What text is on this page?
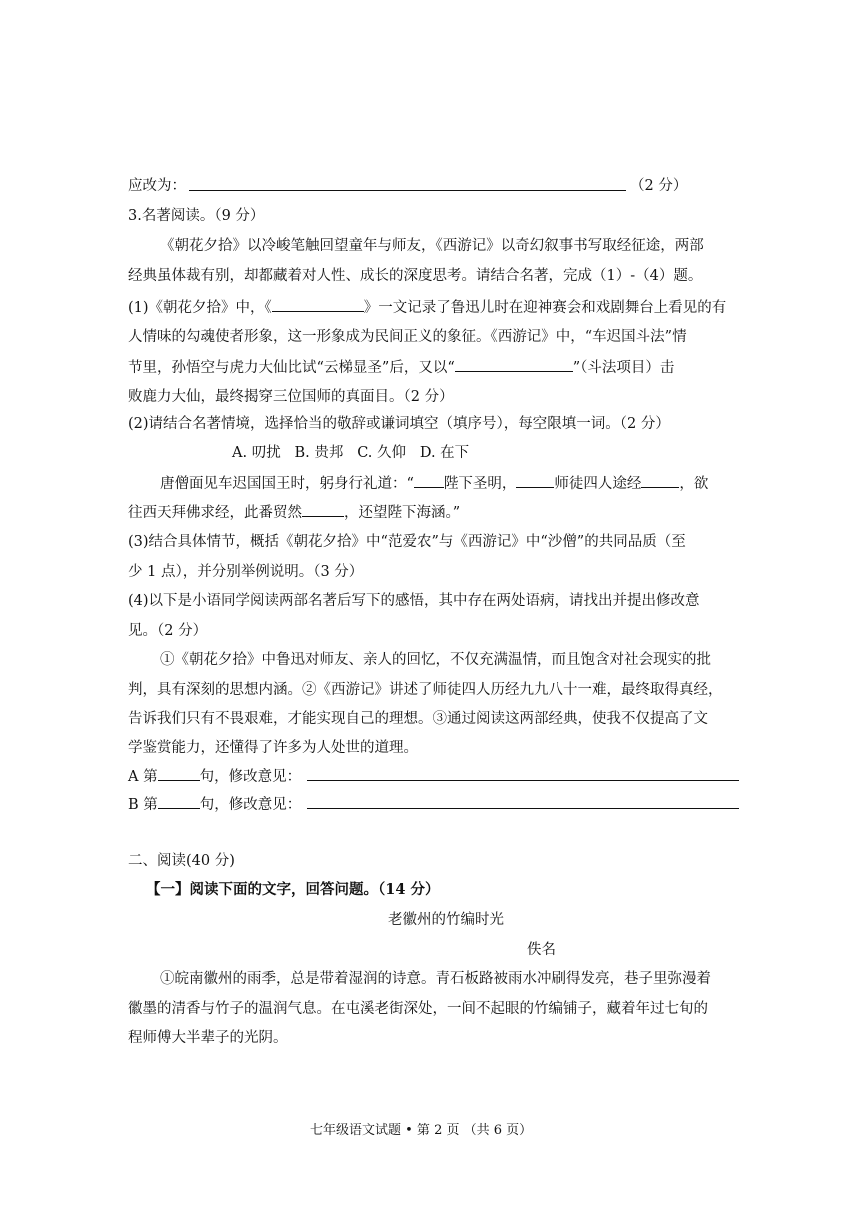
应改为：	（2 分）
3.名著阅读。（9 分）
《朝花夕拾》以冷峻笔触回望童年与师友，《西游记》以奇幻叙事书写取经征途，两部
经典虽体裁有别，却都藏着对人性、成长的深度思考。请结合名著，完成（1）-（4）题。
(1)《朝花夕拾》中，《	》一文记录了鲁迅儿时在迎神赛会和戏剧舞台上看见的有
人情味的勾魂使者形象，这一形象成为民间正义的象征。《西游记》中，“车迟国斗法”情
节里，孙悟空与虎力大仙比试“云梯显圣”后，又以“	”（斗法项目）击
败鹿力大仙，最终揭穿三位国师的真面目。（2 分）
(2)请结合名著情境，选择恰当的敬辞或谦词填空（填序号），每空限填一词。（2 分）
A. 叨扰   B. 贵邦   C. 久仰   D. 在下
唐僧面见车迟国国王时，躬身行礼道：“ 陛下圣明，	师徒四人途经	，欲
往西天拜佛求经，此番贸然	，还望陛下海涵。”
(3)结合具体情节，概括《朝花夕拾》中“范爱农”与《西游记》中“沙僧”的共同品质（至
少 1 点），并分别举例说明。（3 分）
(4)以下是小语同学阅读两部名著后写下的感悟，其中存在两处语病，请找出并提出修改意
见。（2 分）
①《朝花夕拾》中鲁迅对师友、亲人的回忆，不仅充满温情，而且饱含对社会现实的批
判，具有深刻的思想内涵。②《西游记》讲述了师徒四人历经九九八十一难，最终取得真经，
告诉我们只有不畏艰难，才能实现自己的理想。③通过阅读这两部经典，使我不仅提高了文
学鉴赏能力，还懂得了许多为人处世的道理。
A 第	句，修改意见：
B 第	句，修改意见：
二、阅读(40 分)
【一】阅读下面的文字，回答问题。（14 分）
老徽州的竹编时光
佚名
①皖南徽州的雨季，总是带着湿润的诗意。青石板路被雨水冲刷得发亮，巷子里弥漫着
徽墨的清香与竹子的温润气息。在屯溪老街深处，一间不起眼的竹编铺子，藏着年过七旬的
程师傅大半辈子的光阴。
七年级语文试题 • 第 2 页 （共 6 页）
